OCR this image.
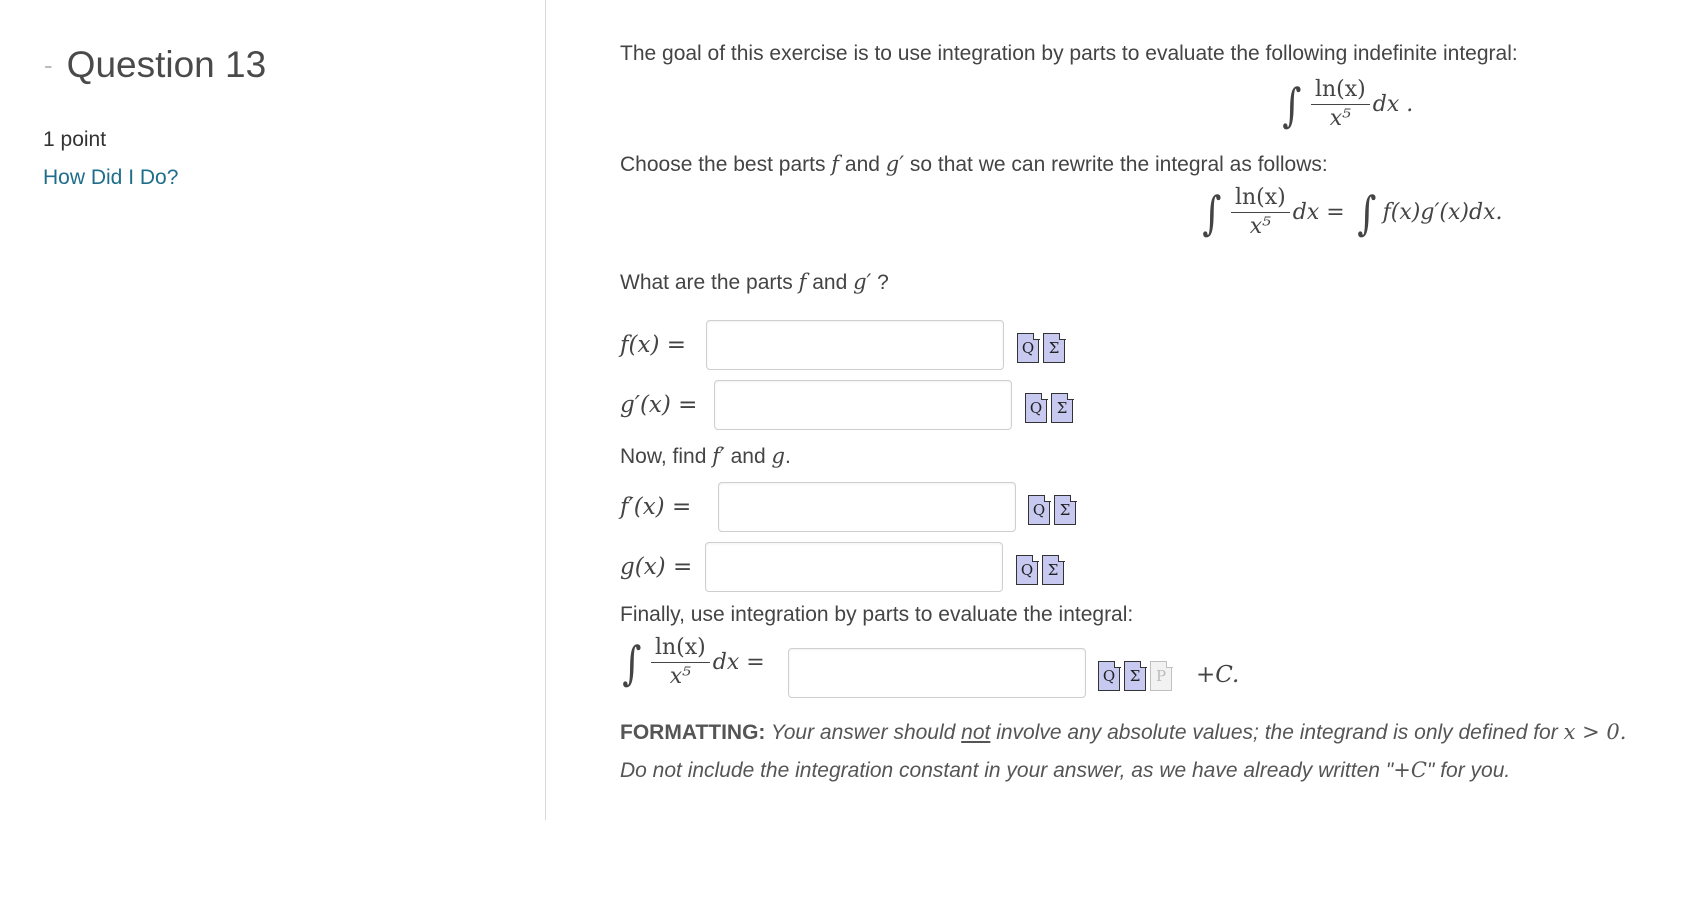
- Question 13
1 point
How Did I Do?
The goal of this exercise is to use integration by parts to evaluate the following indefinite integral:
∫ $\frac{\ln(x)}{\text{x⁵}}$ dx .
Choose the best parts f and g′ so that we can rewrite the integral as follows:
∫ $\frac{\ln(x)}{\text{x⁵}}$ dx = ∫ f(x)g′(x)dx.
What are the parts f and g′ ?
f(x) =	Q Σ
g′(x) =	Q Σ
Now, find f′ and g.
f′(x) =	Q Σ
g(x) =	Q Σ
Finally, use integration by parts to evaluate the integral:
∫ $\frac{\ln(x)}{\text{x⁵}}$ dx =
Q Σ	P +C.
FORMATTING: Your answer should not involve any absolute values; the integrand is only defined for x > 0.
Do not include the integration constant in your answer, as we have already written "+C" for you.
